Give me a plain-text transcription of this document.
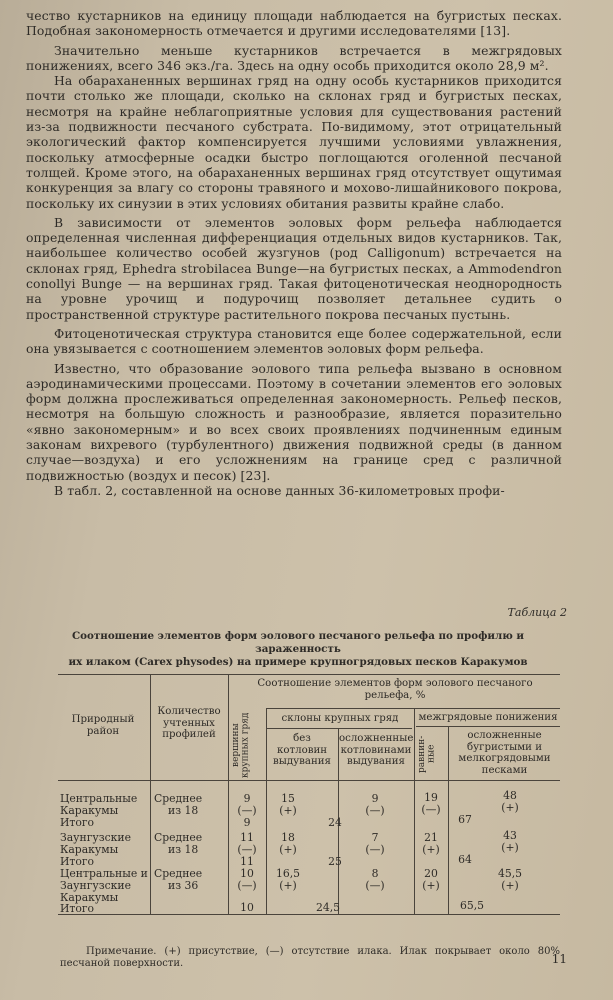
чество кустарников на единицу площади наблюдается на бугристых песках. Подобная закономерность отмечается и другими исследователями [13].

Значительно меньше кустарников встречается в межгрядовых понижениях, всего 346 экз./га. Здесь на одну особь приходится около 28,9 м².

На обараханенных вершинах гряд на одну особь кустарников приходится почти столько же площади, сколько на склонах гряд и бугристых песках, несмотря на крайне неблагоприятные условия для существования растений из-за подвижности песчаного субстрата. По-видимому, этот отрицательный экологический фактор компенсируется лучшими условиями увлажнения, поскольку атмосферные осадки быстро поглощаются оголенной песчаной толщей. Кроме этого, на обараханенных вершинах гряд отсутствует ощутимая конкуренция за влагу со стороны травяного и мохово-лишайникового покрова, поскольку их синузии в этих условиях обитания развиты крайне слабо.

В зависимости от элементов эоловых форм рельефа наблюдается определенная численная дифференциация отдельных видов кустарников. Так, наибольшее количество особей жузгунов (род Calligonum) встречается на склонах гряд, Ephedra strobilacea Bunge—на бугристых песках, а Ammodendron conollyi Bunge — на вершинах гряд. Такая фитоценотическая неоднородность на уровне урочищ и подурочищ позволяет детальнее судить о пространственной структуре растительного покрова песчаных пустынь.

Фитоценотическая структура становится еще более содержательной, если она увязывается с соотношением элементов эоловых форм рельефа.

Известно, что образование эолового типа рельефа вызвано в основном аэродинамическими процессами. Поэтому в сочетании элементов его эоловых форм должна прослеживаться определенная закономерность. Рельеф песков, несмотря на большую сложность и разнообразие, является поразительно «явно закономерным» и во всех своих проявлениях подчиненным единым законам вихревого (турбулентного) движения подвижной среды (в данном случае—воздуха) и его усложнениям на границе сред с различной подвижностью (воздух и песок) [23].

В табл. 2, составленной на основе данных 36-километровых профи-

Таблица 2
Соотношение элементов форм эолового песчаного рельефа по профилю и зараженность
их илаком (Carex physodes) на примере крупногрядовых песков Каракумов
Природный район
Количество учтенных профилей
Соотношение элементов форм эолового песчаного рельефа, %
вершины крупных гряд	склоны крупных гряд
без котловин выдувания
осложненные котловинами выдувания
межгрядовые понижения
равнин-ные
осложненные бугристыми и мелкогрядовыми песками
Центральные
Каракумы
Итого
Среднее
из 18
9
(—)
9
15
(+)
9
(—)
24
19
(—)
48
(+)
67
Заунгузские
Каракумы
Итого
Среднее
из 18
11
(—)
11
18
(+)
7
(—)
25
21
(+)
43
(+)
64
Центральные и
Заунгузские
Каракумы
Итого
Среднее
из 36
10
(—)
10
16,5
(+)
8
(—)
24,5
20
(+)
45,5
(+)
65,5
Примечание. (+) присутствие, (—) отсутствие илака. Илак покрывает около 80% песчаной поверхности.	11
